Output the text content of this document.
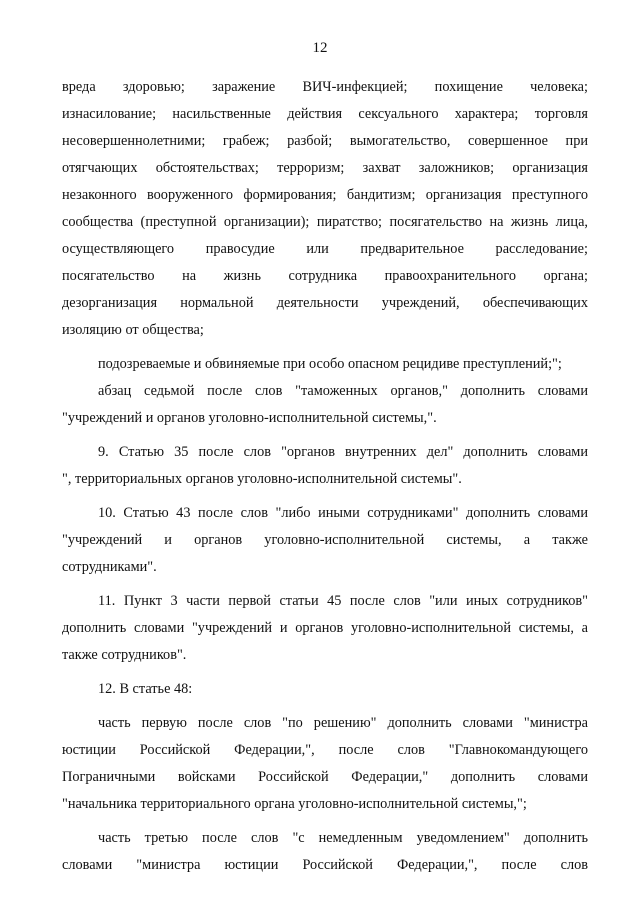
12
вреда здоровью; заражение ВИЧ-инфекцией; похищение человека;
изнасилование; насильственные действия сексуального характера; торговля
несовершеннолетними; грабеж; разбой; вымогательство, совершенное при
отягчающих обстоятельствах; терроризм; захват заложников; организация
незаконного вооруженного формирования; бандитизм; организация преступного
сообщества (преступной организации); пиратство; посягательство на жизнь лица,
осуществляющего правосудие или предварительное расследование;
посягательство на жизнь сотрудника правоохранительного органа;
дезорганизация нормальной деятельности учреждений, обеспечивающих
изоляцию от общества;
подозреваемые и обвиняемые при особо опасном рецидиве преступлений;";
абзац седьмой после слов "таможенных органов," дополнить словами
"учреждений и органов уголовно-исполнительной системы,".
9. Статью 35 после слов "органов внутренних дел" дополнить словами
", территориальных органов уголовно-исполнительной системы".
10. Статью 43 после слов "либо иными сотрудниками" дополнить словами
"учреждений и органов уголовно-исполнительной системы, а также
сотрудниками".
11. Пункт 3 части первой статьи 45 после слов "или иных сотрудников"
дополнить словами "учреждений и органов уголовно-исполнительной системы, а
также сотрудников".
12. В статье 48:
часть первую после слов "по решению" дополнить словами "министра
юстиции Российской Федерации,", после слов "Главнокомандующего
Пограничными войсками Российской Федерации," дополнить словами
"начальника территориального органа уголовно-исполнительной системы,";
часть третью после слов "с немедленным уведомлением" дополнить
словами "министра юстиции Российской Федерации,", после слов
